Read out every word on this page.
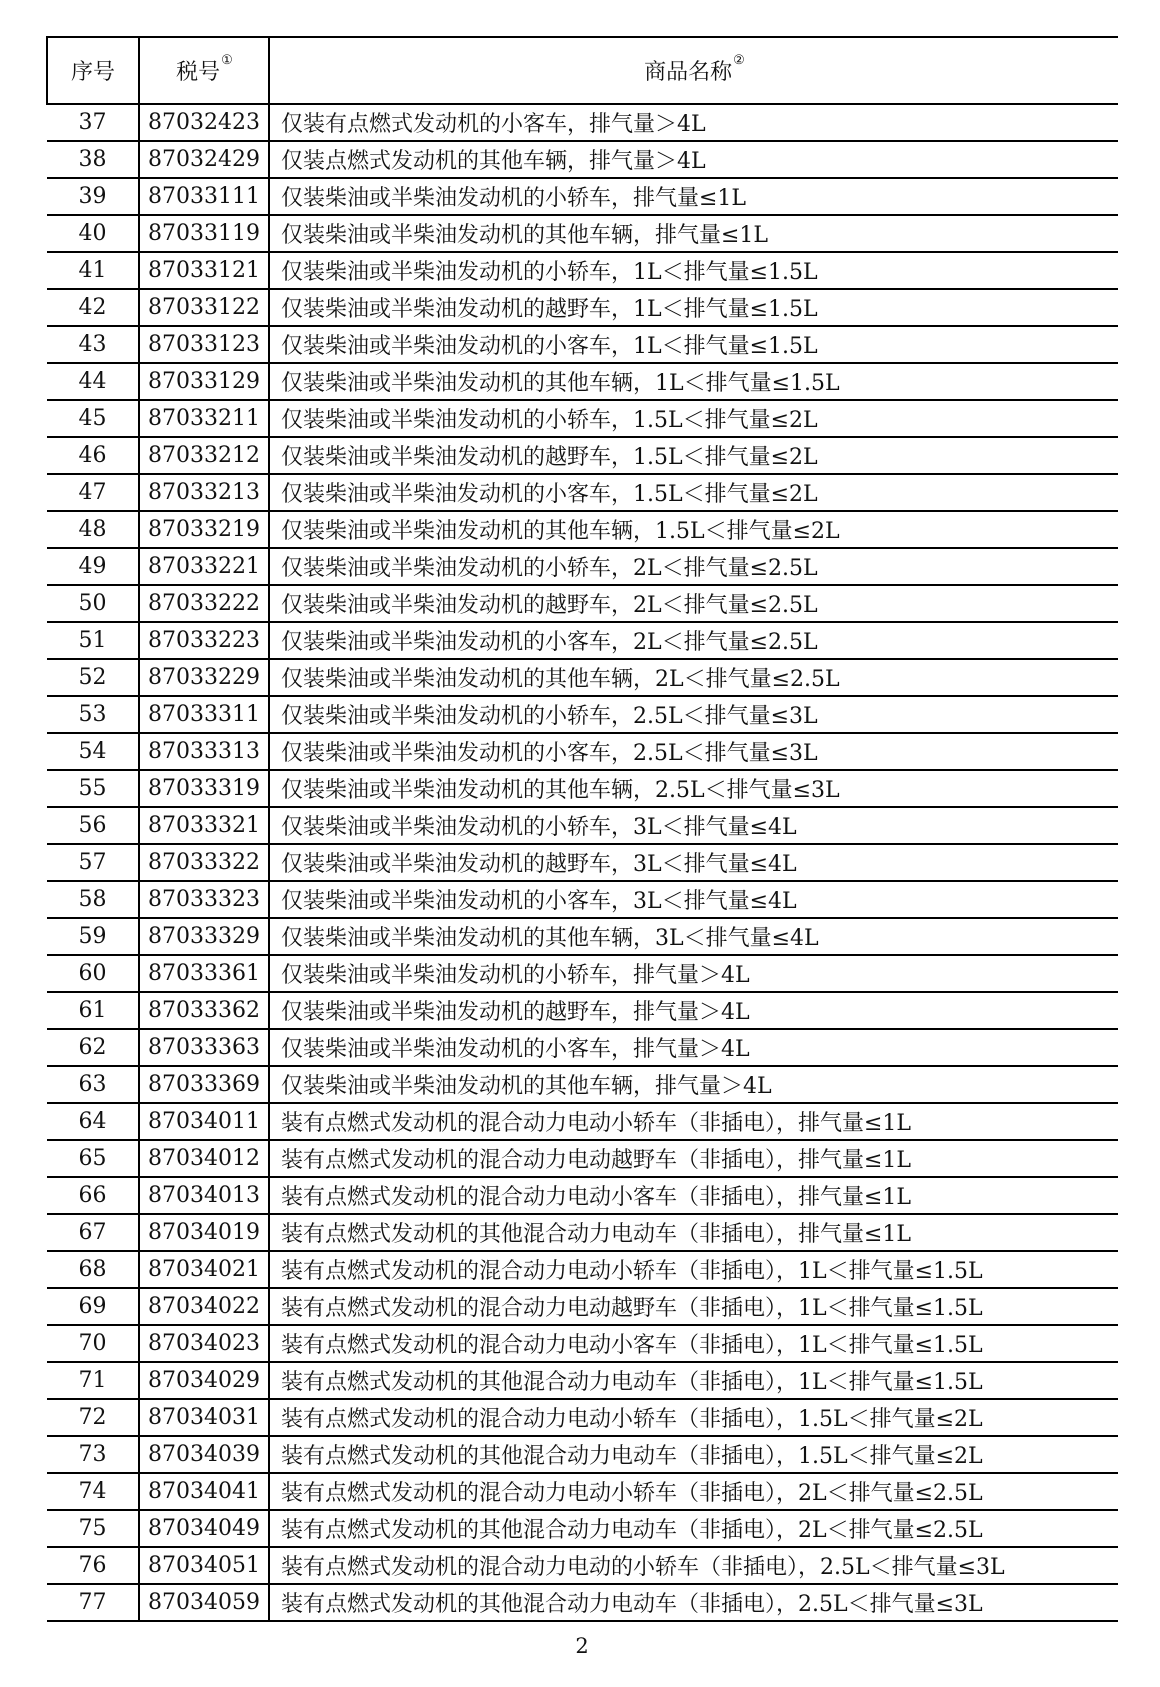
序号	税号①	商品名称②
37	87032423	仅装有点燃式发动机的小客车，排气量＞4L
38	87032429	仅装点燃式发动机的其他车辆，排气量＞4L
39	87033111	仅装柴油或半柴油发动机的小轿车，排气量≤1L
40	87033119	仅装柴油或半柴油发动机的其他车辆，排气量≤1L
41	87033121	仅装柴油或半柴油发动机的小轿车，1L＜排气量≤1.5L
42	87033122	仅装柴油或半柴油发动机的越野车，1L＜排气量≤1.5L
43	87033123	仅装柴油或半柴油发动机的小客车，1L＜排气量≤1.5L
44	87033129	仅装柴油或半柴油发动机的其他车辆，1L＜排气量≤1.5L
45	87033211	仅装柴油或半柴油发动机的小轿车，1.5L＜排气量≤2L
46	87033212	仅装柴油或半柴油发动机的越野车，1.5L＜排气量≤2L
47	87033213	仅装柴油或半柴油发动机的小客车，1.5L＜排气量≤2L
48	87033219	仅装柴油或半柴油发动机的其他车辆，1.5L＜排气量≤2L
49	87033221	仅装柴油或半柴油发动机的小轿车，2L＜排气量≤2.5L
50	87033222	仅装柴油或半柴油发动机的越野车，2L＜排气量≤2.5L
51	87033223	仅装柴油或半柴油发动机的小客车，2L＜排气量≤2.5L
52	87033229	仅装柴油或半柴油发动机的其他车辆，2L＜排气量≤2.5L
53	87033311	仅装柴油或半柴油发动机的小轿车，2.5L＜排气量≤3L
54	87033313	仅装柴油或半柴油发动机的小客车，2.5L＜排气量≤3L
55	87033319	仅装柴油或半柴油发动机的其他车辆，2.5L＜排气量≤3L
56	87033321	仅装柴油或半柴油发动机的小轿车，3L＜排气量≤4L
57	87033322	仅装柴油或半柴油发动机的越野车，3L＜排气量≤4L
58	87033323	仅装柴油或半柴油发动机的小客车，3L＜排气量≤4L
59	87033329	仅装柴油或半柴油发动机的其他车辆，3L＜排气量≤4L
60	87033361	仅装柴油或半柴油发动机的小轿车，排气量＞4L
61	87033362	仅装柴油或半柴油发动机的越野车，排气量＞4L
62	87033363	仅装柴油或半柴油发动机的小客车，排气量＞4L
63	87033369	仅装柴油或半柴油发动机的其他车辆，排气量＞4L
64	87034011	装有点燃式发动机的混合动力电动小轿车（非插电），排气量≤1L
65	87034012	装有点燃式发动机的混合动力电动越野车（非插电），排气量≤1L
66	87034013	装有点燃式发动机的混合动力电动小客车（非插电），排气量≤1L
67	87034019	装有点燃式发动机的其他混合动力电动车（非插电），排气量≤1L
68	87034021	装有点燃式发动机的混合动力电动小轿车（非插电），1L＜排气量≤1.5L
69	87034022	装有点燃式发动机的混合动力电动越野车（非插电），1L＜排气量≤1.5L
70	87034023	装有点燃式发动机的混合动力电动小客车（非插电），1L＜排气量≤1.5L
71	87034029	装有点燃式发动机的其他混合动力电动车（非插电），1L＜排气量≤1.5L
72	87034031	装有点燃式发动机的混合动力电动小轿车（非插电），1.5L＜排气量≤2L
73	87034039	装有点燃式发动机的其他混合动力电动车（非插电），1.5L＜排气量≤2L
74	87034041	装有点燃式发动机的混合动力电动小轿车（非插电），2L＜排气量≤2.5L
75	87034049	装有点燃式发动机的其他混合动力电动车（非插电），2L＜排气量≤2.5L
76	87034051	装有点燃式发动机的混合动力电动的小轿车（非插电），2.5L＜排气量≤3L
77	87034059	装有点燃式发动机的其他混合动力电动车（非插电），2.5L＜排气量≤3L
2
